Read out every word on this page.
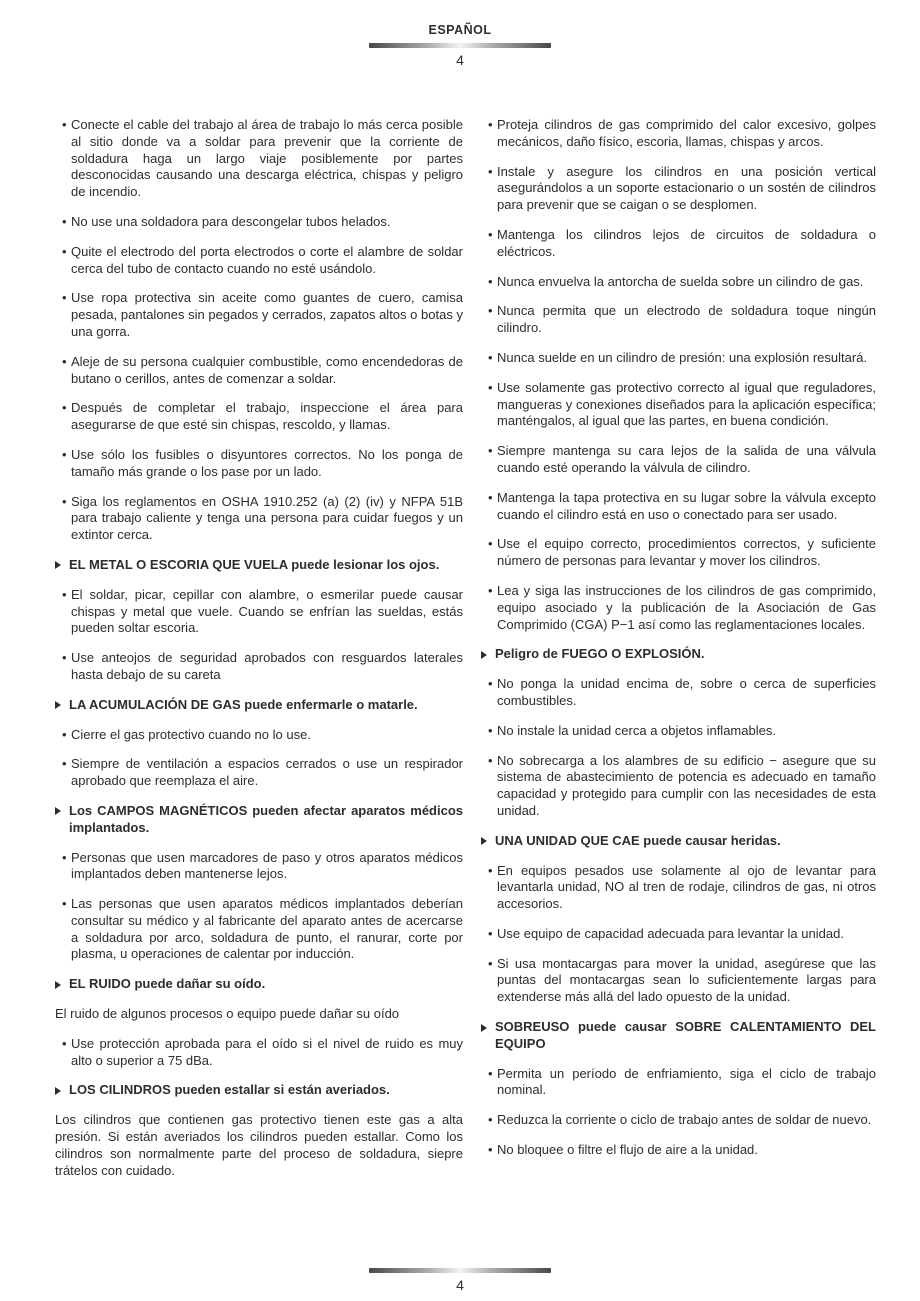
ESPAÑOL
4
• Conecte el cable del trabajo al área de trabajo lo más cerca posible al sitio donde va a soldar para prevenir que la corriente de soldadura haga un largo viaje posiblemente por partes desconocidas causando una descarga eléctrica, chispas y peligro de incendio.
• No use una soldadora para descongelar tubos helados.
• Quite el electrodo del porta electrodos o corte el alambre de soldar cerca del tubo de contacto cuando no esté usándolo.
• Use ropa protectiva sin aceite como guantes de cuero, camisa pesada, pantalones sin pegados y cerrados, zapatos altos o botas y una gorra.
• Aleje de su persona cualquier combustible, como encendedoras de butano o cerillos, antes de comenzar a soldar.
• Después de completar el trabajo, inspeccione el área para asegurarse de que esté sin chispas, rescoldo, y llamas.
• Use sólo los fusibles o disyuntores correctos. No los ponga de tamaño más grande o los pase por un lado.
• Siga los reglamentos en OSHA 1910.252 (a) (2) (iv) y NFPA 51B para trabajo caliente y tenga una persona para cuidar fuegos y un extintor cerca.
EL METAL O ESCORIA QUE VUELA puede lesionar los ojos.
• El soldar, picar, cepillar con alambre, o esmerilar puede causar chispas y metal que vuele. Cuando se enfrían las sueldas, estás pueden soltar escoria.
• Use anteojos de seguridad aprobados con resguardos laterales hasta debajo de su careta
LA ACUMULACIÓN DE GAS puede enfermarle o matarle.
• Cierre el gas protectivo cuando no lo use.
• Siempre de ventilación a espacios cerrados o use un respirador aprobado que reemplaza el aire.
Los CAMPOS MAGNÉTICOS pueden afectar aparatos médicos implantados.
• Personas que usen marcadores de paso y otros aparatos médicos implantados deben mantenerse lejos.
• Las personas que usen aparatos médicos implantados deberían consultar su médico y al fabricante del aparato antes de acercarse a soldadura por arco, soldadura de punto, el ranurar, corte por plasma, u operaciones de calentar por inducción.
EL RUIDO puede dañar su oído.

El ruido de algunos procesos o equipo puede dañar su oído

• Use protección aprobada para el oído si el nivel de ruido es muy alto o superior a 75 dBa.
LOS CILINDROS pueden estallar si están averiados.

Los cilindros que contienen gas protectivo tienen este gas a alta presión. Si están averiados los cilindros pueden estallar. Como los cilindros son normalmente parte del proceso de soldadura, siepre trátelos con cuidado.

• Proteja cilindros de gas comprimido del calor excesivo, golpes mecánicos, daño físico, escoria, llamas, chispas y arcos.
• Instale y asegure los cilindros en una posición vertical asegurándolos a un soporte estacionario o un sostén de cilindros para prevenir que se caigan o se desplomen.
• Mantenga los cilindros lejos de circuitos de soldadura o eléctricos.
• Nunca envuelva la antorcha de suelda sobre un cilindro de gas.
• Nunca permita que un electrodo de soldadura toque ningún cilindro.
• Nunca suelde en un cilindro de presión: una explosión resultará.
• Use solamente gas protectivo correcto al igual que reguladores, mangueras y conexiones diseñados para la aplicación específica; manténgalos, al igual que las partes, en buena condición.
• Siempre mantenga su cara lejos de la salida de una válvula cuando esté operando la válvula de cilindro.
• Mantenga la tapa protectiva en su lugar sobre la válvula excepto cuando el cilindro está en uso o conectado para ser usado.
• Use el equipo correcto, procedimientos correctos, y suficiente número de personas para levantar y mover los cilindros.
• Lea y siga las instrucciones de los cilindros de gas comprimido, equipo asociado y la publicación de la Asociación de Gas Comprimido (CGA) P−1 así como las reglamentaciones locales.
Peligro de FUEGO O EXPLOSIÓN.
• No ponga la unidad encima de, sobre o cerca de superficies combustibles.
• No instale la unidad cerca a objetos inflamables.
• No sobrecarga a los alambres de su edificio − asegure que su sistema de abastecimiento de potencia es adecuado en tamaño capacidad y protegido para cumplir con las necesidades de esta unidad.
UNA UNIDAD QUE CAE puede causar heridas.
• En equipos pesados use solamente al ojo de levantar para levantarla unidad, NO al tren de rodaje, cilindros de gas, ni otros accesorios.
• Use equipo de capacidad adecuada para levantar la unidad.
• Si usa montacargas para mover la unidad, asegúrese que las puntas del montacargas sean lo suficientemente largas para extenderse más allá del lado opuesto de la unidad.
SOBREUSO puede causar SOBRE CALENTAMIENTO DEL EQUIPO
• Permita un período de enfriamiento, siga el ciclo de trabajo nominal.
• Reduzca la corriente o ciclo de trabajo antes de soldar de nuevo.
• No bloquee o filtre el flujo de aire a la unidad.
4
